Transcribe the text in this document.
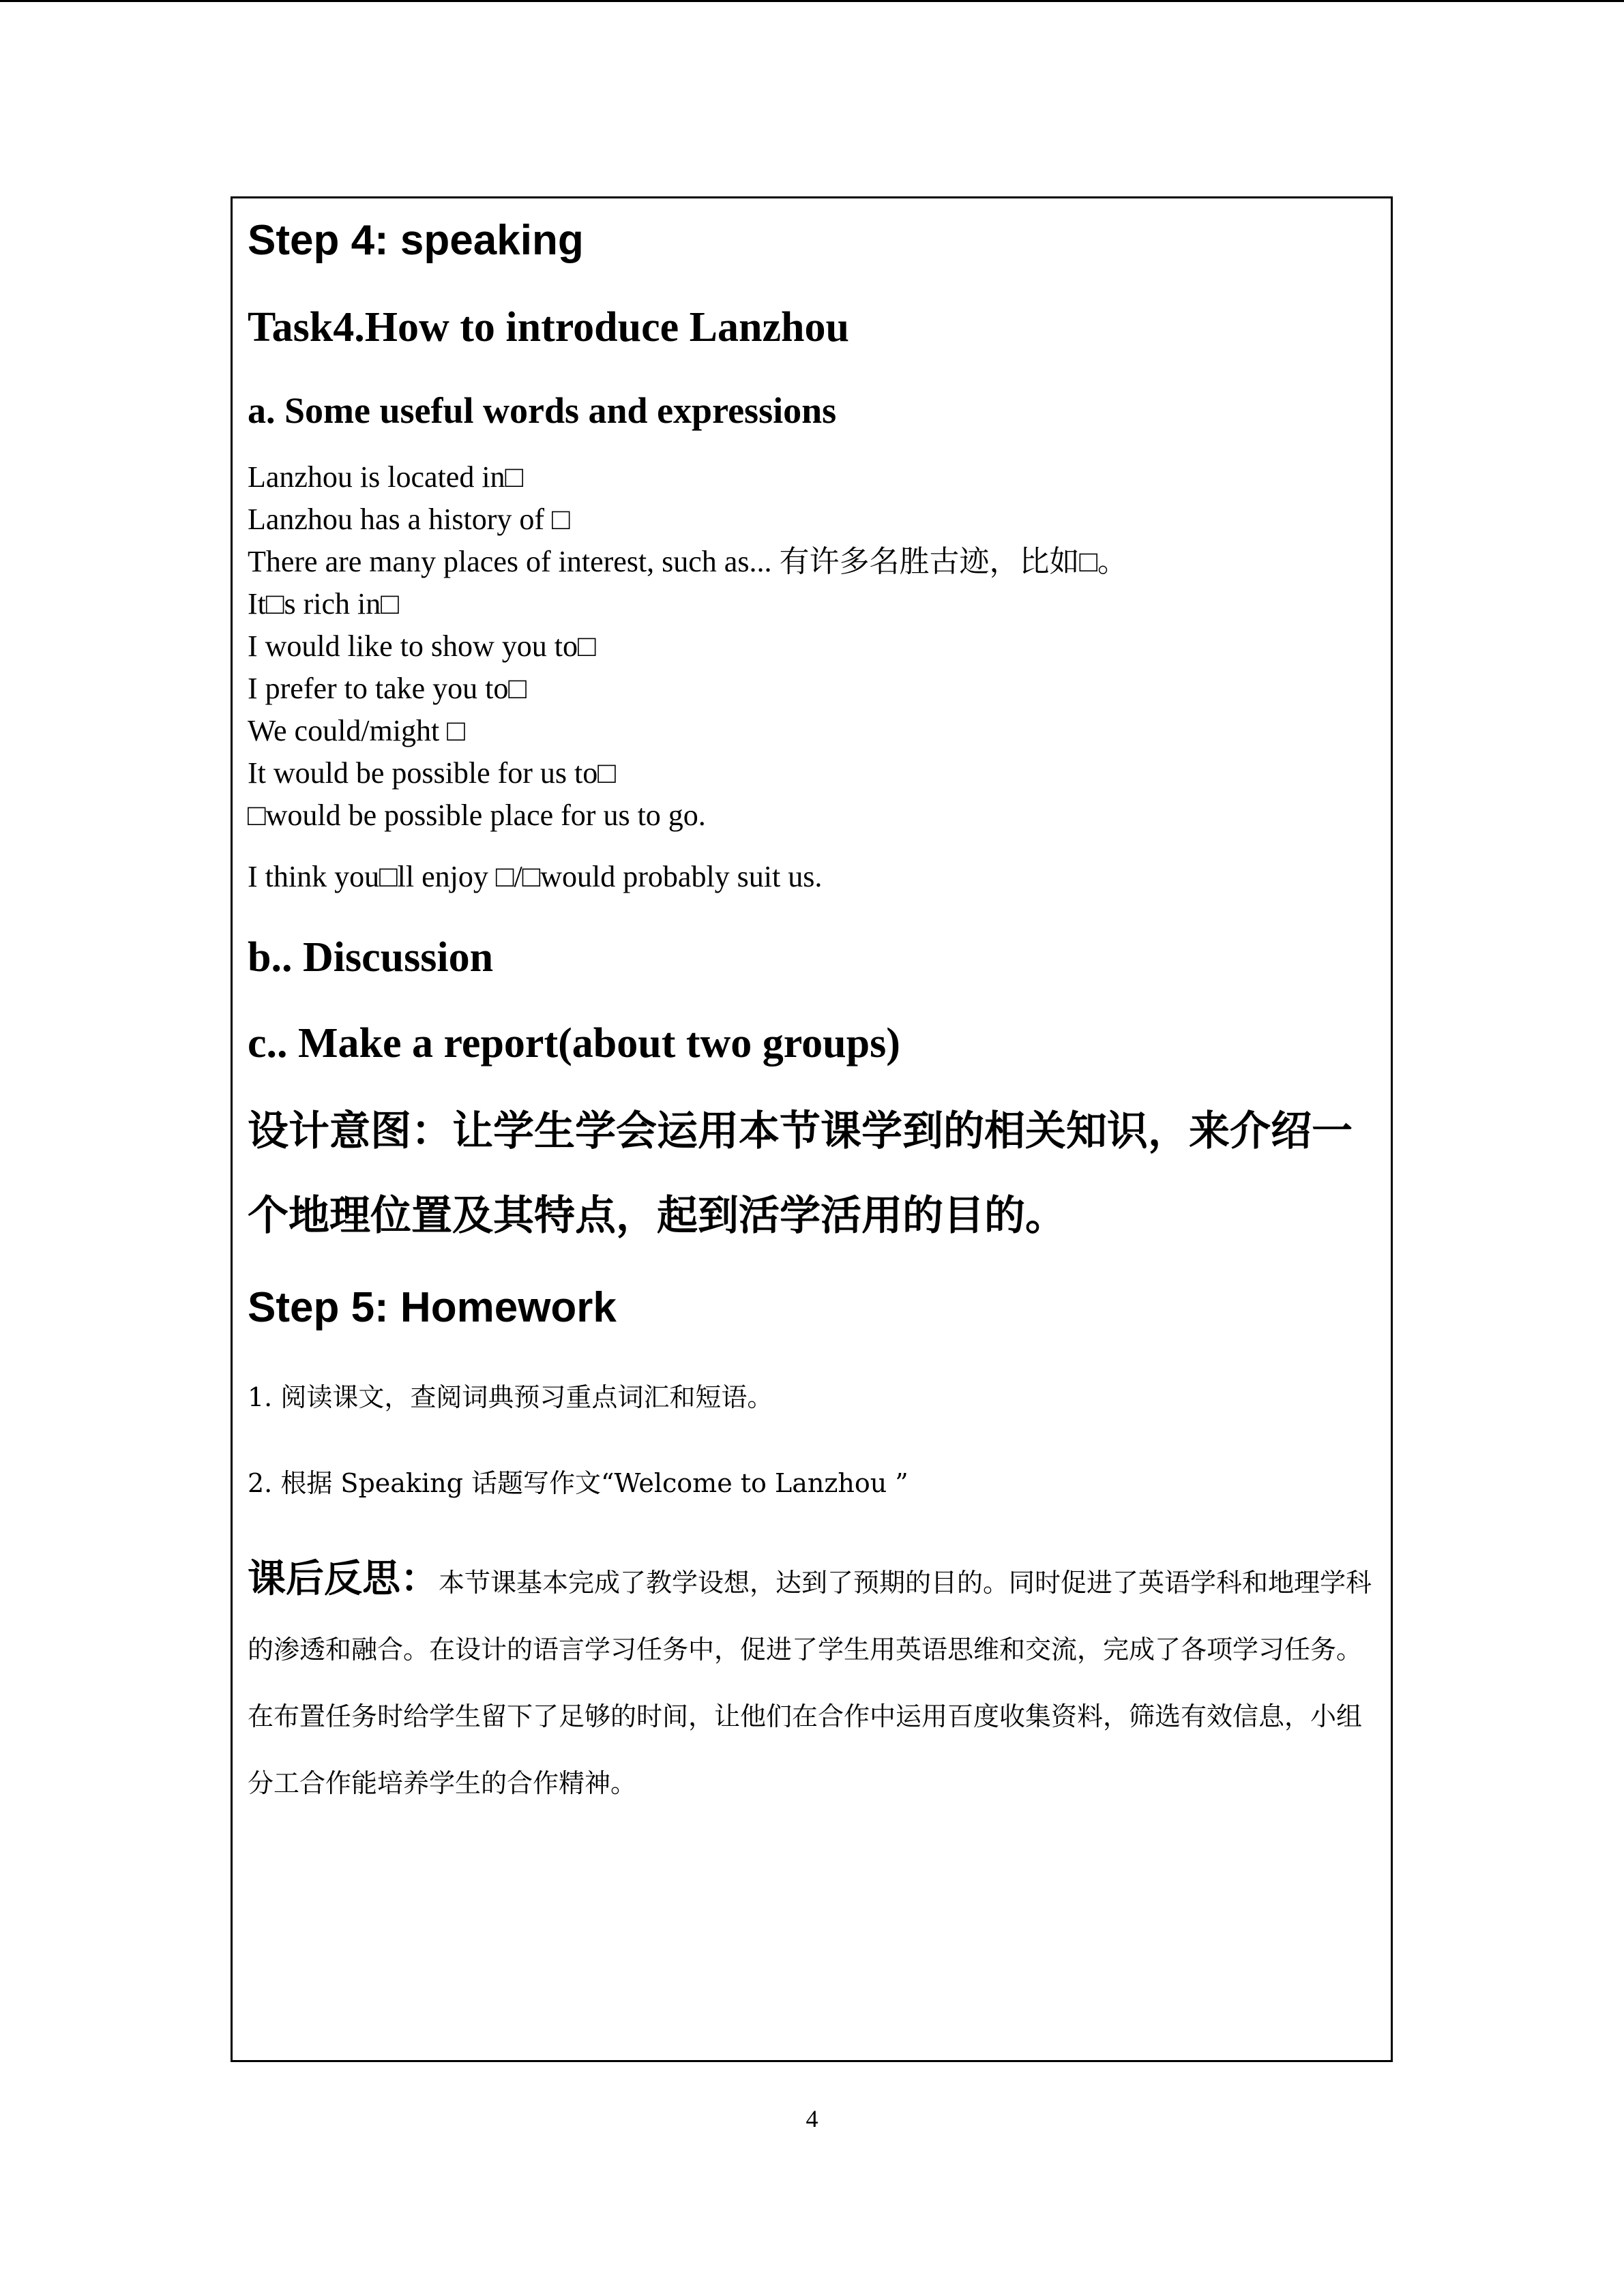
Step 4: speaking
Task4.How to introduce Lanzhou
a. Some useful words and expressions
Lanzhou is located in□
Lanzhou has a history of □
There are many places of interest, such as... 有许多名胜古迹，比如□。
It□s rich in□
I would like to show you to□
I prefer to take you to□
We could/might □
It would be possible for us to□
□would be possible place for us to go.
I think you□ll enjoy □/□would probably suit us.
b.. Discussion
c.. Make a report(about two groups)
设计意图：让学生学会运用本节课学到的相关知识，来介绍一个地理位置及其特点，起到活学活用的目的。
Step 5: Homework
1. 阅读课文，查阅词典预习重点词汇和短语。
2. 根据 Speaking 话题写作文“Welcome to Lanzhou ”
课后反思：本节课基本完成了教学设想，达到了预期的目的。同时促进了英语学科和地理学科的渗透和融合。在设计的语言学习任务中，促进了学生用英语思维和交流，完成了各项学习任务。在布置任务时给学生留下了足够的时间，让他们在合作中运用百度收集资料，筛选有效信息，小组分工合作能培养学生的合作精神。
4
